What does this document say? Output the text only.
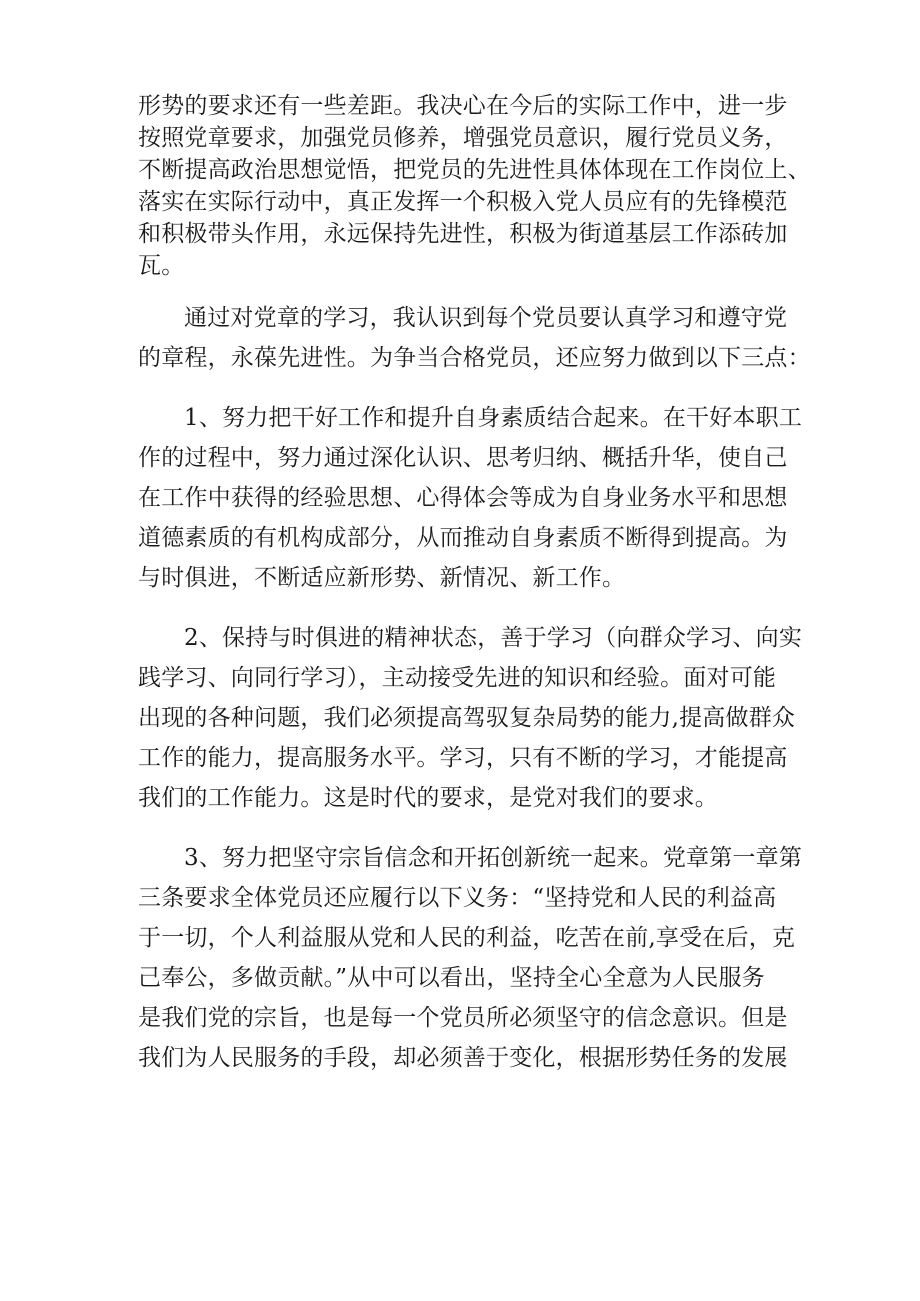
形势的要求还有一些差距。我决心在今后的实际工作中，进一步
按照党章要求，加强党员修养，增强党员意识，履行党员义务，
不断提高政治思想觉悟，把党员的先进性具体体现在工作岗位上、
落实在实际行动中，真正发挥一个积极入党人员应有的先锋模范
和积极带头作用，永远保持先进性，积极为街道基层工作添砖加
瓦。
通过对党章的学习，我认识到每个党员要认真学习和遵守党
的章程，永葆先进性。为争当合格党员，还应努力做到以下三点：
1、努力把干好工作和提升自身素质结合起来。在干好本职工
作的过程中，努力通过深化认识、思考归纳、概括升华，使自己
在工作中获得的经验思想、心得体会等成为自身业务水平和思想
道德素质的有机构成部分，从而推动自身素质不断得到提高。为
与时俱进，不断适应新形势、新情况、新工作。
2、保持与时俱进的精神状态，善于学习（向群众学习、向实
践学习、向同行学习），主动接受先进的知识和经验。面对可能
出现的各种问题，我们必须提高驾驭复杂局势的能力,提高做群众
工作的能力，提高服务水平。学习，只有不断的学习，才能提高
我们的工作能力。这是时代的要求，是党对我们的要求。
3、努力把坚守宗旨信念和开拓创新统一起来。党章第一章第
三条要求全体党员还应履行以下义务：“坚持党和人民的利益高
于一切，个人利益服从党和人民的利益，吃苦在前,享受在后，克
己奉公，多做贡献。”从中可以看出，坚持全心全意为人民服务
是我们党的宗旨，也是每一个党员所必须坚守的信念意识。但是
我们为人民服务的手段，却必须善于变化，根据形势任务的发展
